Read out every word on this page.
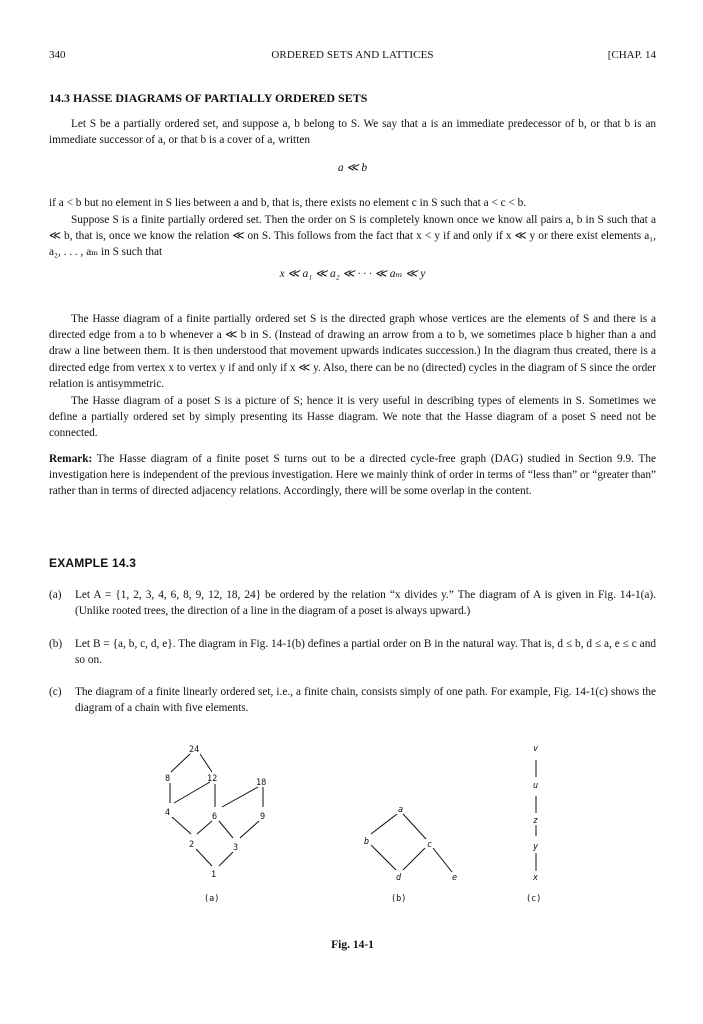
340	ORDERED SETS AND LATTICES	[CHAP. 14
14.3 HASSE DIAGRAMS OF PARTIALLY ORDERED SETS
Let S be a partially ordered set, and suppose a, b belong to S. We say that a is an immediate predecessor of b, or that b is an immediate successor of a, or that b is a cover of a, written
a ≪ b
if a < b but no element in S lies between a and b, that is, there exists no element c in S such that a < c < b.
Suppose S is a finite partially ordered set. Then the order on S is completely known once we know all pairs a, b in S such that a ≪ b, that is, once we know the relation ≪ on S. This follows from the fact that x < y if and only if x ≪ y or there exist elements a₁, a₂, . . . , aₘ in S such that
x ≪ a₁ ≪ a₂ ≪ · · · ≪ aₘ ≪ y
The Hasse diagram of a finite partially ordered set S is the directed graph whose vertices are the elements of S and there is a directed edge from a to b whenever a ≪ b in S. (Instead of drawing an arrow from a to b, we sometimes place b higher than a and draw a line between them. It is then understood that movement upwards indicates succession.) In the diagram thus created, there is a directed edge from vertex x to vertex y if and only if x ≪ y. Also, there can be no (directed) cycles in the diagram of S since the order relation is antisymmetric.
The Hasse diagram of a poset S is a picture of S; hence it is very useful in describing types of elements in S. Sometimes we define a partially ordered set by simply presenting its Hasse diagram. We note that the Hasse diagram of a poset S need not be connected.
Remark: The Hasse diagram of a finite poset S turns out to be a directed cycle-free graph (DAG) studied in Section 9.9. The investigation here is independent of the previous investigation. Here we mainly think of order in terms of “less than” or “greater than” rather than in terms of directed adjacency relations. Accordingly, there will be some overlap in the content.
EXAMPLE 14.3
(a) Let A = {1, 2, 3, 4, 6, 8, 9, 12, 18, 24} be ordered by the relation “x divides y.” The diagram of A is given in Fig. 14-1(a). (Unlike rooted trees, the direction of a line in the diagram of a poset is always upward.)
(b) Let B = {a, b, c, d, e}. The diagram in Fig. 14-1(b) defines a partial order on B in the natural way. That is, d ≤ b, d ≤ a, e ≤ c and so on.
(c) The diagram of a finite linearly ordered set, i.e., a finite chain, consists simply of one path. For example, Fig. 14-1(c) shows the diagram of a chain with five elements.
24
8	12	18
4	6	9
2	3
1
(a)
a
b	c
d	e
(b)
v
u
z
y
x
(c)
Fig. 14-1
